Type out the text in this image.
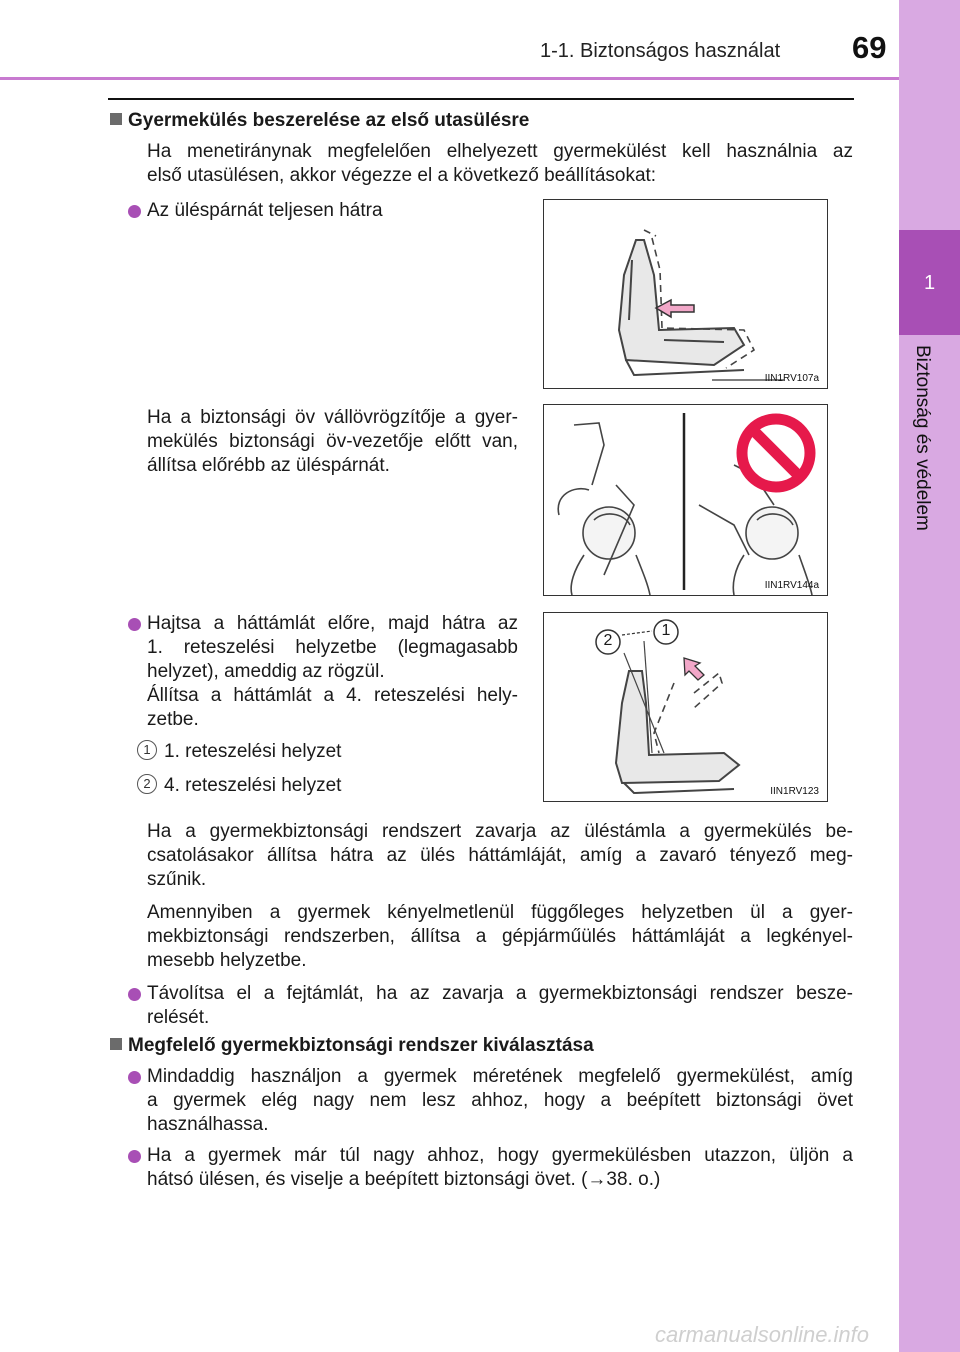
1-1. Biztonságos használat 69
1
Biztonság és védelem
Gyermekülés beszerelése az első utasülésre
Ha menetiránynak megfelelően elhelyezett gyermekülést kell használnia az
első utasülésen, akkor végezze el a következő beállításokat:
Az üléspárnát teljesen hátra
IIN1RV107a
Ha a biztonsági öv vállövrögzítője a gyer-
mekülés biztonsági öv-vezetője előtt van,
állítsa előrébb az üléspárnát.
IIN1RV144a
Hajtsa a háttámlát előre, majd hátra az
1. reteszelési helyzetbe (legmagasabb
helyzet), ameddig az rögzül.
Állítsa a háttámlát a 4. reteszelési hely-
zetbe.
1 1. reteszelési helyzet
2 4. reteszelési helyzet
2
1
IIN1RV123
Ha a gyermekbiztonsági rendszert zavarja az üléstámla a gyermekülés be-
csatolásakor állítsa hátra az ülés háttámláját, amíg a zavaró tényező meg-
szűnik.
Amennyiben a gyermek kényelmetlenül függőleges helyzetben ül a gyer-
mekbiztonsági rendszerben, állítsa a gépjárműülés háttámláját a legkényel-
mesebb helyzetbe.
Távolítsa el a fejtámlát, ha az zavarja a gyermekbiztonsági rendszer besze-
relését.
Megfelelő gyermekbiztonsági rendszer kiválasztása
Mindaddig használjon a gyermek méretének megfelelő gyermekülést, amíg
a gyermek elég nagy nem lesz ahhoz, hogy a beépített biztonsági övet
használhassa.
Ha a gyermek már túl nagy ahhoz, hogy gyermekülésben utazzon, üljön a
hátsó ülésen, és viselje a beépített biztonsági övet. (→38. o.)
carmanualsonline.info
